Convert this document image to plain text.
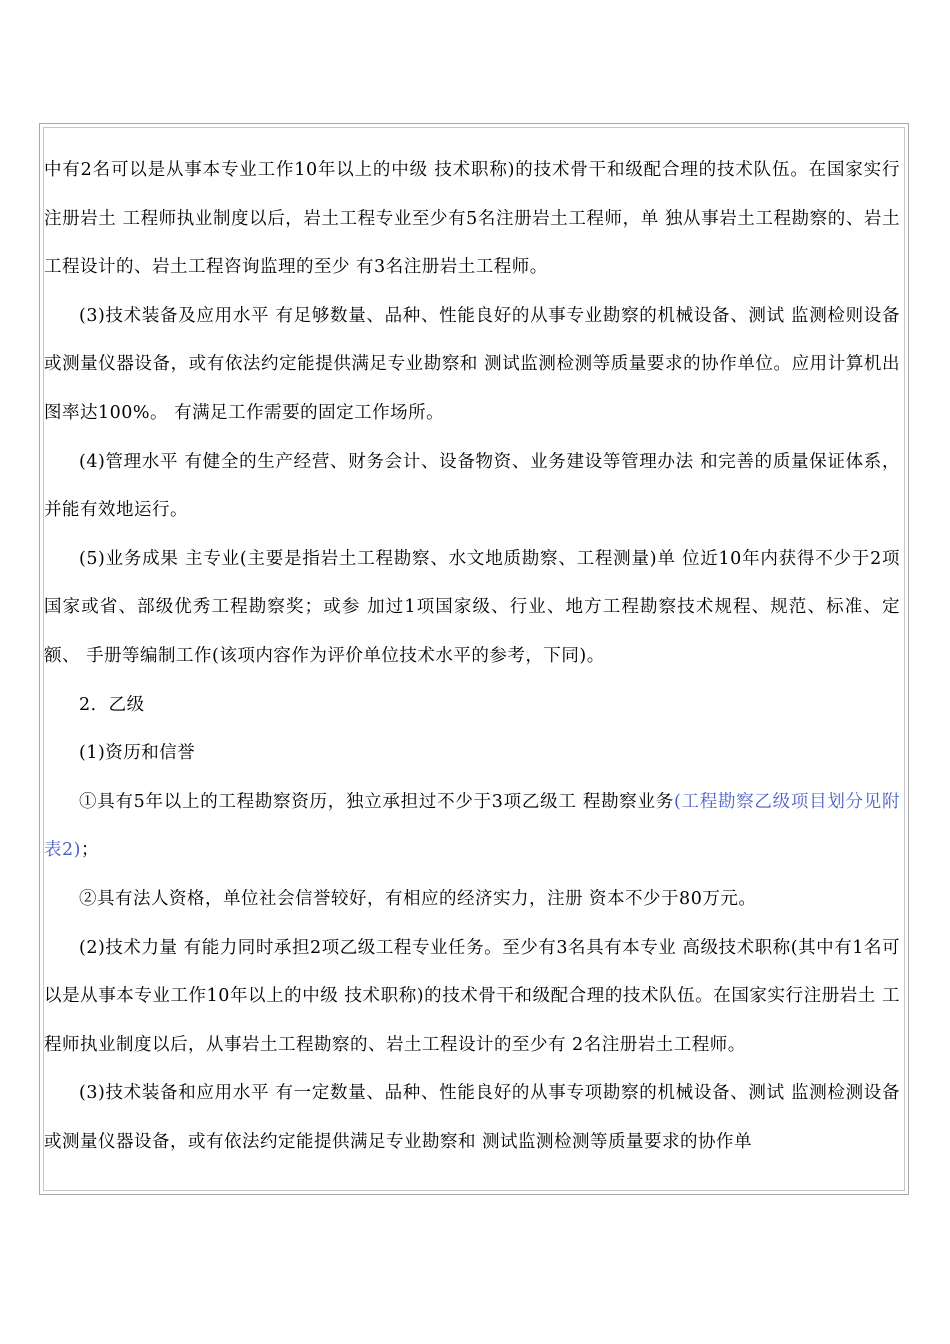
中有2名可以是从事本专业工作10年以上的中级 技术职称)的技术骨干和级配合理的技术队伍。在国家实行注册岩土 工程师执业制度以后，岩土工程专业至少有5名注册岩土工程师，单 独从事岩土工程勘察的、岩土工程设计的、岩土工程咨询监理的至少 有3名注册岩土工程师。

(3)技术装备及应用水平 有足够数量、品种、性能良好的从事专业勘察的机械设备、测试 监测检则设备或测量仪器设备，或有依法约定能提供满足专业勘察和 测试监测检测等质量要求的协作单位。应用计算机出图率达100%。 有满足工作需要的固定工作场所。

(4)管理水平 有健全的生产经营、财务会计、设备物资、业务建设等管理办法 和完善的质量保证体系，并能有效地运行。

(5)业务成果 主专业(主要是指岩土工程勘察、水文地质勘察、工程测量)单 位近10年内获得不少于2项国家或省、部级优秀工程勘察奖；或参 加过1项国家级、行业、地方工程勘察技术规程、规范、标准、定额、 手册等编制工作(该项内容作为评价单位技术水平的参考，下同)。

2．乙级

(1)资历和信誉

①具有5年以上的工程勘察资历，独立承担过不少于3项乙级工 程勘察业务(工程勘察乙级项目划分见附表2)；

②具有法人资格，单位社会信誉较好，有相应的经济实力，注册 资本不少于80万元。

(2)技术力量 有能力同时承担2项乙级工程专业任务。至少有3名具有本专业 高级技术职称(其中有1名可以是从事本专业工作10年以上的中级 技术职称)的技术骨干和级配合理的技术队伍。在国家实行注册岩土 工程师执业制度以后，从事岩土工程勘察的、岩土工程设计的至少有 2名注册岩土工程师。

(3)技术装备和应用水平 有一定数量、品种、性能良好的从事专项勘察的机械设备、测试 监测检测设备或测量仪器设备，或有依法约定能提供满足专业勘察和 测试监测检测等质量要求的协作单
